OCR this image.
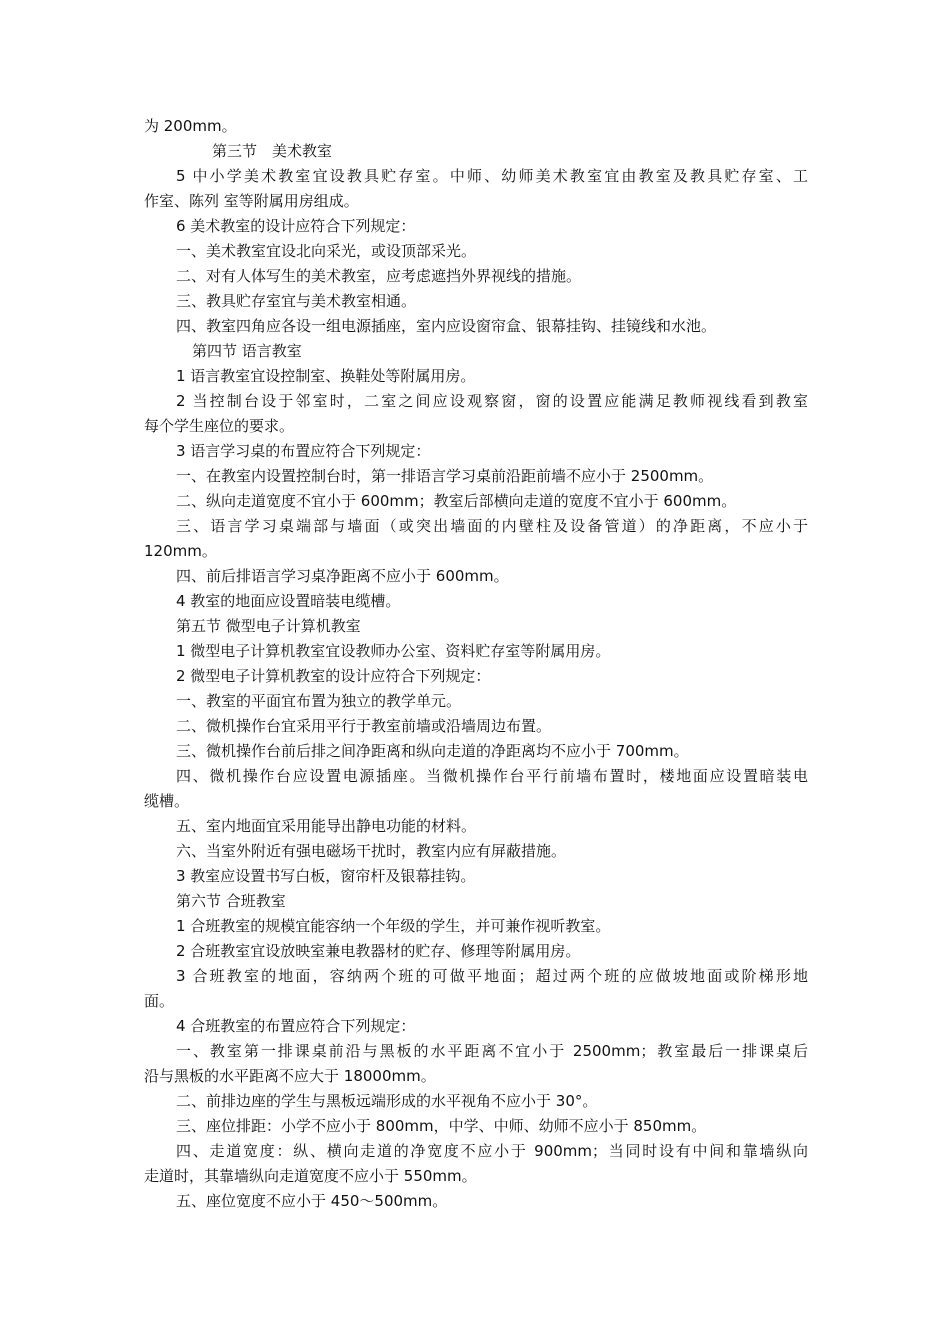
为 200mm。
第三节　美术教室
5 中小学美术教室宜设教具贮存室。中师、幼师美术教室宜由教室及教具贮存室、工
作室、陈列 室等附属用房组成。
6 美术教室的设计应符合下列规定：
一、美术教室宜设北向采光，或设顶部采光。
二、对有人体写生的美术教室，应考虑遮挡外界视线的措施。
三、教具贮存室宜与美术教室相通。
四、教室四角应各设一组电源插座，室内应设窗帘盒、银幕挂钩、挂镜线和水池。
第四节 语言教室
1 语言教室宜设控制室、换鞋处等附属用房。
2 当控制台设于邻室时，二室之间应设观察窗，窗的设置应能满足教师视线看到教室
每个学生座位的要求。
3 语言学习桌的布置应符合下列规定：
一、在教室内设置控制台时，第一排语言学习桌前沿距前墙不应小于 2500mm。
二、纵向走道宽度不宜小于 600mm；教室后部横向走道的宽度不宜小于 600mm。
三、语言学习桌端部与墙面（或突出墙面的内壁柱及设备管道）的净距离，不应小于
120mm。
四、前后排语言学习桌净距离不应小于 600mm。
4 教室的地面应设置暗装电缆槽。
第五节 微型电子计算机教室
1 微型电子计算机教室宜设教师办公室、资料贮存室等附属用房。
2 微型电子计算机教室的设计应符合下列规定：
一、教室的平面宜布置为独立的教学单元。
二、微机操作台宜采用平行于教室前墙或沿墙周边布置。
三、微机操作台前后排之间净距离和纵向走道的净距离均不应小于 700mm。
四、微机操作台应设置电源插座。当微机操作台平行前墙布置时，楼地面应设置暗装电
缆槽。
五、室内地面宜采用能导出静电功能的材料。
六、当室外附近有强电磁场干扰时，教室内应有屏蔽措施。
3 教室应设置书写白板，窗帘杆及银幕挂钩。
第六节 合班教室
1 合班教室的规模宜能容纳一个年级的学生，并可兼作视听教室。
2 合班教室宜设放映室兼电教器材的贮存、修理等附属用房。
3 合班教室的地面，容纳两个班的可做平地面；超过两个班的应做坡地面或阶梯形地
面。
4 合班教室的布置应符合下列规定：
一、教室第一排课桌前沿与黑板的水平距离不宜小于 2500mm；教室最后一排课桌后
沿与黑板的水平距离不应大于 18000mm。
二、前排边座的学生与黑板远端形成的水平视角不应小于 30°。
三、座位排距：小学不应小于 800mm，中学、中师、幼师不应小于 850mm。
四、走道宽度：纵、横向走道的净宽度不应小于 900mm；当同时设有中间和靠墙纵向
走道时，其靠墙纵向走道宽度不应小于 550mm。
五、座位宽度不应小于 450～500mm。
